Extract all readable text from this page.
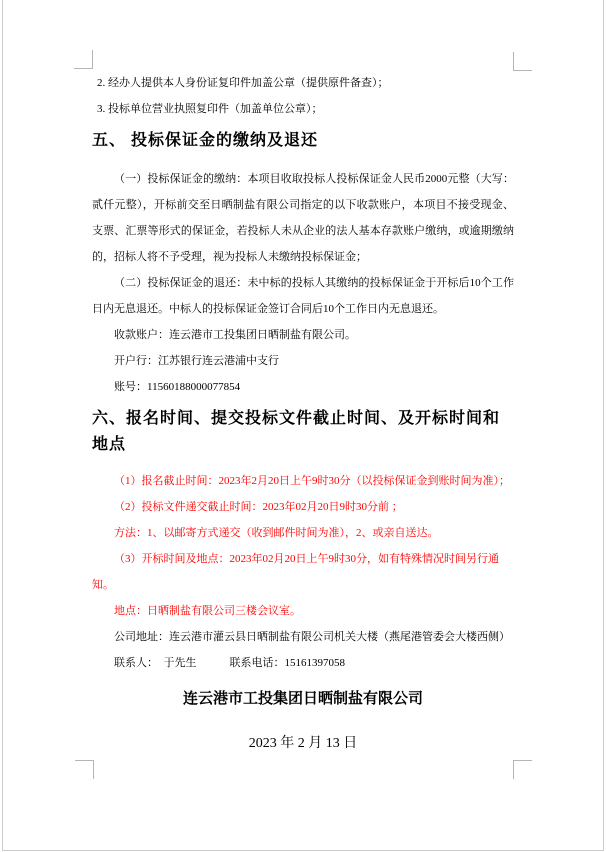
2. 经办人提供本人身份证复印件加盖公章（提供原件备查）；

3. 投标单位营业执照复印件（加盖单位公章）；

五、 投标保证金的缴纳及退还

（一）投标保证金的缴纳：本项目收取投标人投标保证金人民币2000元整（大写：贰仟元整），开标前交至日晒制盐有限公司指定的以下收款账户，本项目不接受现金、支票、汇票等形式的保证金，若投标人未从企业的法人基本存款账户缴纳，或逾期缴纳的，招标人将不予受理，视为投标人未缴纳投标保证金；

（二）投标保证金的退还：未中标的投标人其缴纳的投标保证金于开标后10个工作日内无息退还。中标人的投标保证金签订合同后10个工作日内无息退还。

收款账户：连云港市工投集团日晒制盐有限公司。

开户行：江苏银行连云港浦中支行

账号：11560188000077854

六、报名时间、提交投标文件截止时间、及开标时间和地点

（1）报名截止时间：2023年2月20日上午9时30分（以投标保证金到账时间为准）；

（2）投标文件递交截止时间：2023年02月20日9时30分前 ；

方法：1、以邮寄方式递交（收到邮件时间为准），2、或亲自送达。

（3）开标时间及地点：2023年02月20日上午9时30分，如有特殊情况时间另行通知。

地点：日晒制盐有限公司三楼会议室。

公司地址：连云港市灌云县日晒制盐有限公司机关大楼（燕尾港管委会大楼西侧）

联系人：  于先生            联系电话：15161397058

连云港市工投集团日晒制盐有限公司

2023 年 2 月 13 日
